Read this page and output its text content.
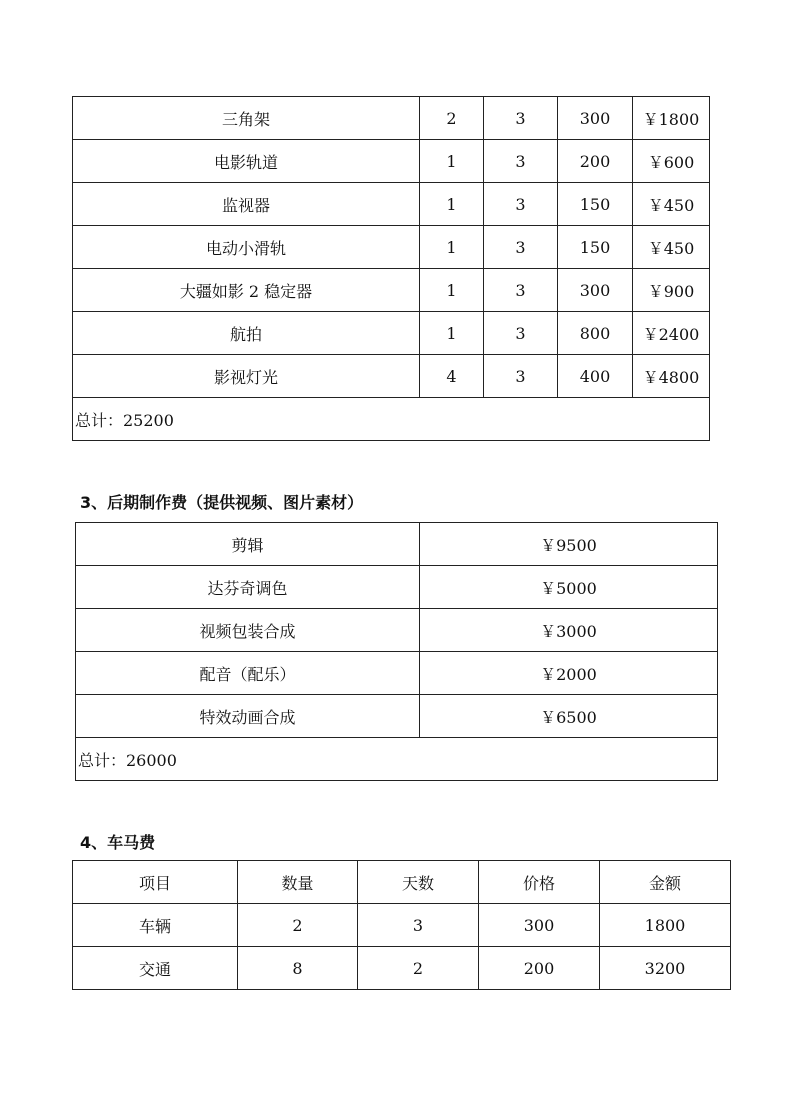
三角架	2	3	300	￥1800
电影轨道	1	3	200	￥600
监视器	1	3	150	￥450
电动小滑轨	1	3	150	￥450
大疆如影 2 稳定器	1	3	300	￥900
航拍	1	3	800	￥2400
影视灯光	4	3	400	￥4800
总计：25200				
3、后期制作费（提供视频、图片素材）
剪辑	￥9500
达芬奇调色	￥5000
视频包装合成	￥3000
配音（配乐）	￥2000
特效动画合成	￥6500
总计：26000	
4、车马费
项目	数量	天数	价格	金额
车辆	2	3	300	1800
交通	8	2	200	3200
